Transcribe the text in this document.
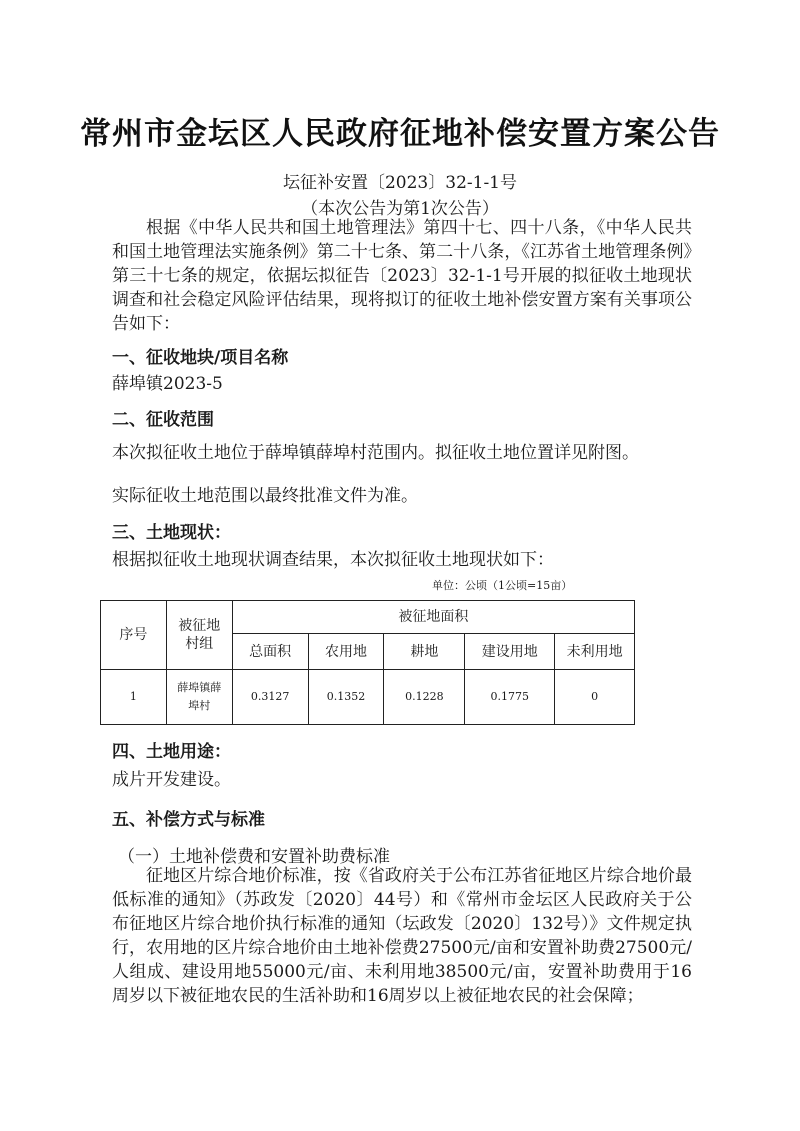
常州市金坛区人民政府征地补偿安置方案公告
坛征补安置〔2023〕32-1-1号
（本次公告为第1次公告）

根据《中华人民共和国土地管理法》第四十七、四十八条，《中华人民共和国土地管理法实施条例》第二十七条、第二十八条，《江苏省土地管理条例》第三十七条的规定，依据坛拟征告〔2023〕32-1-1号开展的拟征收土地现状调查和社会稳定风险评估结果，现将拟订的征收土地补偿安置方案有关事项公告如下：

一、征收地块/项目名称
薛埠镇2023-5
二、征收范围
本次拟征收土地位于薛埠镇薛埠村范围内。拟征收土地位置详见附图。
实际征收土地范围以最终批准文件为准。
三、土地现状：
根据拟征收土地现状调查结果，本次拟征收土地现状如下：
单位：公顷（1公顷=15亩）
序号	被征地村组	被征地面积				
		总面积	农用地	耕地	建设用地	未利用地
1	薛埠镇薛埠村	0.3127	0.1352	0.1228	0.1775	0
四、土地用途：
成片开发建设。
五、补偿方式与标准
（一）土地补偿费和安置补助费标准

征地区片综合地价标准，按《省政府关于公布江苏省征地区片综合地价最低标准的通知》（苏政发〔2020〕44号）和《常州市金坛区人民政府关于公布征地区片综合地价执行标准的通知（坛政发〔2020〕132号）》文件规定执行，农用地的区片综合地价由土地补偿费27500元/亩和安置补助费27500元/人组成、建设用地55000元/亩、未利用地38500元/亩，安置补助费用于16周岁以下被征地农民的生活补助和16周岁以上被征地农民的社会保障；
